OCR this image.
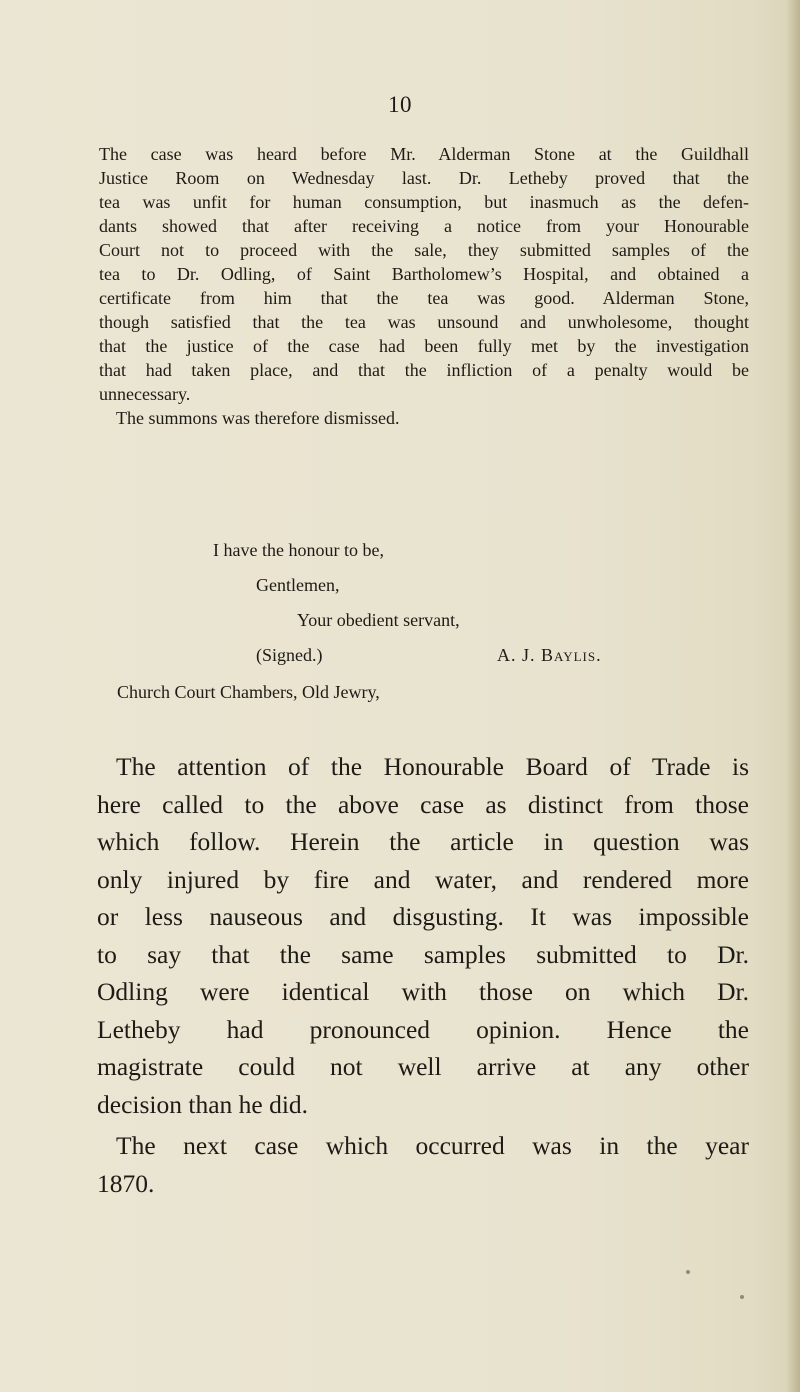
10
The case was heard before Mr. Alderman Stone at the Guildhall
Justice Room on Wednesday last. Dr. Letheby proved that the
tea was unfit for human consumption, but inasmuch as the defen-
dants showed that after receiving a notice from your Honourable
Court not to proceed with the sale, they submitted samples of the
tea to Dr. Odling, of Saint Bartholomew’s Hospital, and obtained a
certificate from him that the tea was good. Alderman Stone,
though satisfied that the tea was unsound and unwholesome, thought
that the justice of the case had been fully met by the investigation
that had taken place, and that the infliction of a penalty would be
unnecessary.
The summons was therefore dismissed.
I have the honour to be,
Gentlemen,
Your obedient servant,
(Signed.)	A. J. Baylis.
Church Court Chambers, Old Jewry,
The attention of the Honourable Board of Trade is
here called to the above case as distinct from those
which follow. Herein the article in question was
only injured by fire and water, and rendered more
or less nauseous and disgusting. It was impossible
to say that the same samples submitted to Dr.
Odling were identical with those on which Dr.
Letheby had pronounced opinion. Hence the
magistrate could not well arrive at any other
decision than he did.
The next case which occurred was in the year
1870.
